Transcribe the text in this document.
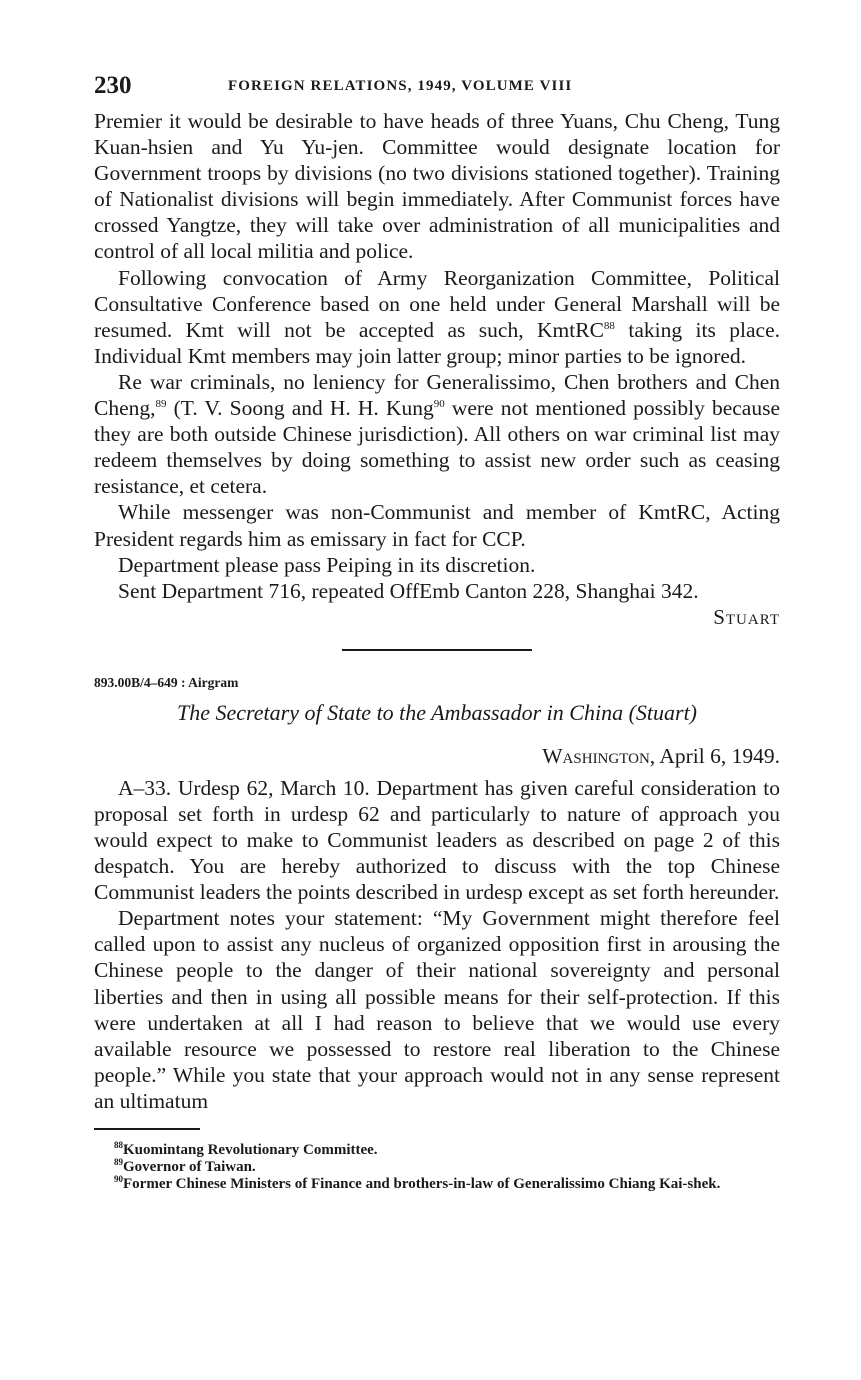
230	FOREIGN RELATIONS, 1949, VOLUME VIII

Premier it would be desirable to have heads of three Yuans, Chu Cheng, Tung Kuan-hsien and Yu Yu-jen. Committee would designate location for Government troops by divisions (no two divisions stationed together). Training of Nationalist divisions will begin immediately. After Communist forces have crossed Yangtze, they will take over administration of all municipalities and control of all local militia and police.

Following convocation of Army Reorganization Committee, Political Consultative Conference based on one held under General Marshall will be resumed. Kmt will not be accepted as such, KmtRC$^{88}$ taking its place. Individual Kmt members may join latter group; minor parties to be ignored.

Re war criminals, no leniency for Generalissimo, Chen brothers and Chen Cheng,$^{89}$ (T. V. Soong and H. H. Kung$^{90}$ were not mentioned possibly because they are both outside Chinese jurisdiction). All others on war criminal list may redeem themselves by doing something to assist new order such as ceasing resistance, et cetera.

While messenger was non-Communist and member of KmtRC, Acting President regards him as emissary in fact for CCP.

Department please pass Peiping in its discretion.

Sent Department 716, repeated OffEmb Canton 228, Shanghai 342.

Stuart
893.00B/4–649 : Airgram
The Secretary of State to the Ambassador in China (Stuart)
Washington, April 6, 1949.

A–33. Urdesp 62, March 10. Department has given careful consideration to proposal set forth in urdesp 62 and particularly to nature of approach you would expect to make to Communist leaders as described on page 2 of this despatch. You are hereby authorized to discuss with the top Chinese Communist leaders the points described in urdesp except as set forth hereunder.

Department notes your statement: “My Government might therefore feel called upon to assist any nucleus of organized opposition first in arousing the Chinese people to the danger of their national sovereignty and personal liberties and then in using all possible means for their self-protection. If this were undertaken at all I had reason to believe that we would use every available resource we possessed to restore real liberation to the Chinese people.” While you state that your approach would not in any sense represent an ultimatum

$^{88}$Kuomintang Revolutionary Committee.
$^{89}$Governor of Taiwan.
$^{90}$Former Chinese Ministers of Finance and brothers-in-law of Generalissimo Chiang Kai-shek.
